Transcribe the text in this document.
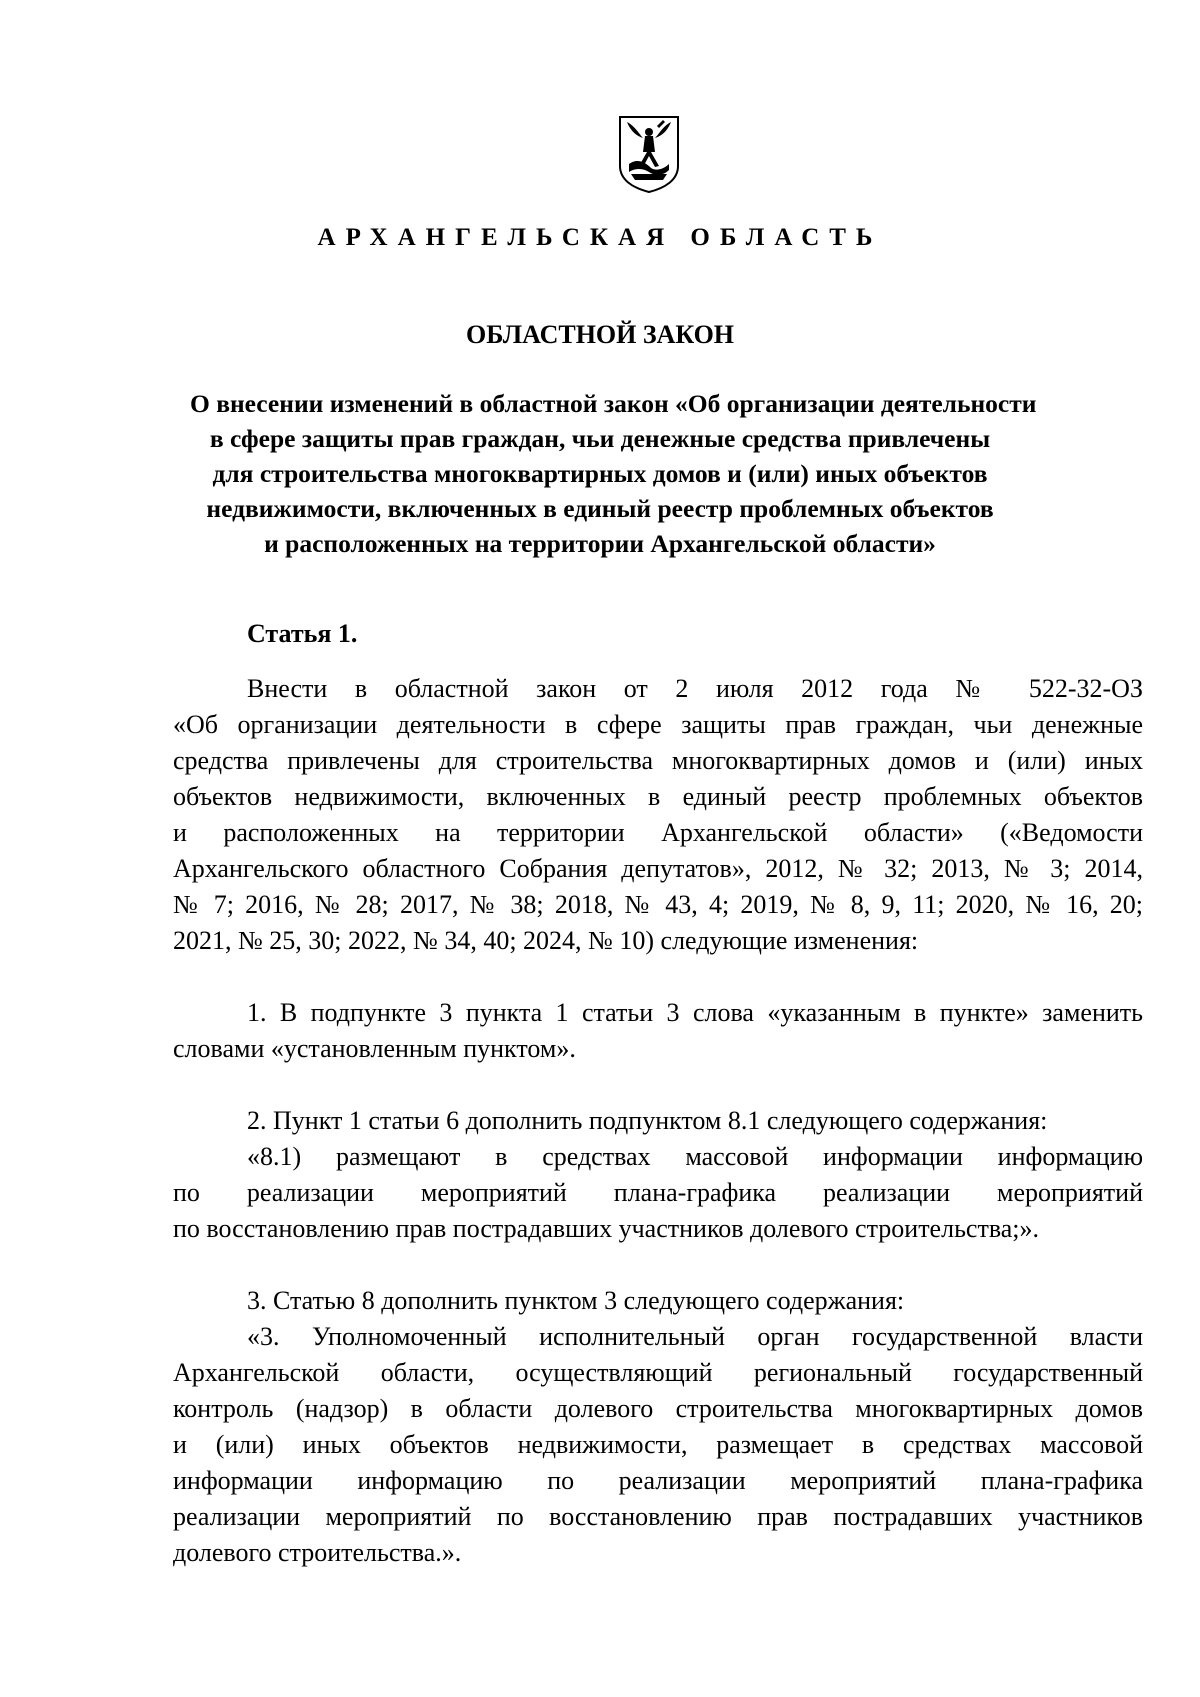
АРХАНГЕЛЬСКАЯ ОБЛАСТЬ
ОБЛАСТНОЙ ЗАКОН
О внесении изменений в областной закон «Об организации деятельности
в сфере защиты прав граждан, чьи денежные средства привлечены
для строительства многоквартирных домов и (или) иных объектов
недвижимости, включенных в единый реестр проблемных объектов
и расположенных на территории Архангельской области»
Статья 1.

Внести в областной закон от 2 июля 2012 года № 522-32-ОЗ
«Об организации деятельности в сфере защиты прав граждан, чьи денежные
средства привлечены для строительства многоквартирных домов и (или) иных
объектов недвижимости, включенных в единый реестр проблемных объектов
и расположенных на территории Архангельской области» («Ведомости
Архангельского областного Собрания депутатов», 2012, № 32; 2013, № 3; 2014,
№ 7; 2016, № 28; 2017, № 38; 2018, № 43, 4; 2019, № 8, 9, 11; 2020, № 16, 20;
2021, № 25, 30; 2022, № 34, 40; 2024, № 10) следующие изменения:

1. В подпункте 3 пункта 1 статьи 3 слова «указанным в пункте» заменить
словами «установленным пунктом».

2. Пункт 1 статьи 6 дополнить подпунктом 8.1 следующего содержания:

«8.1) размещают в средствах массовой информации информацию
по реализации мероприятий плана-графика реализации мероприятий
по восстановлению прав пострадавших участников долевого строительства;».

3. Статью 8 дополнить пунктом 3 следующего содержания:

«3. Уполномоченный исполнительный орган государственной власти
Архангельской области, осуществляющий региональный государственный
контроль (надзор) в области долевого строительства многоквартирных домов
и (или) иных объектов недвижимости, размещает в средствах массовой
информации информацию по реализации мероприятий плана-графика
реализации мероприятий по восстановлению прав пострадавших участников
долевого строительства.».
